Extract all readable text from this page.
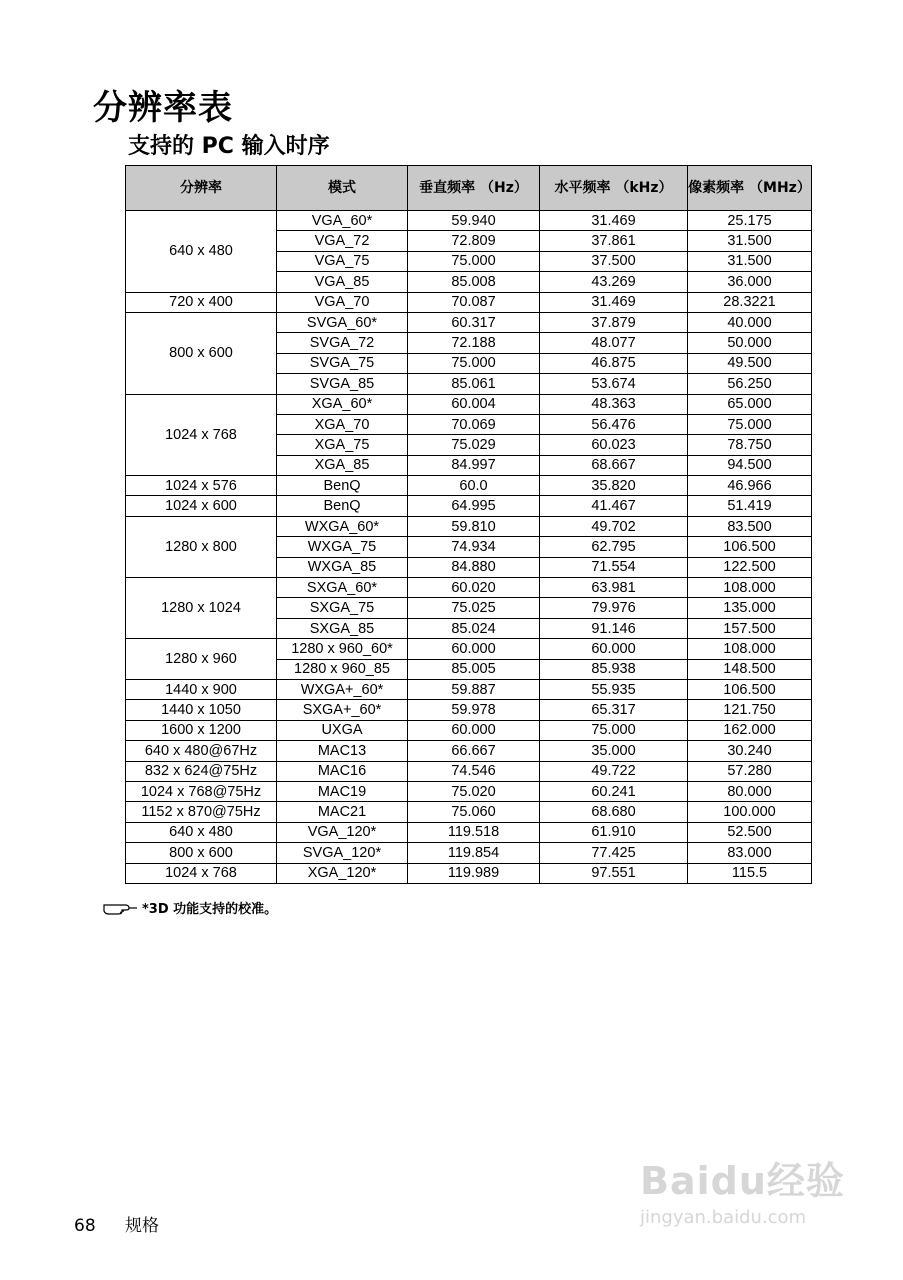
分辨率表
支持的 PC 输入时序
分辨率	模式	垂直频率 （Hz）	水平频率 （kHz）	像素频率 （MHz）
640 x 480	VGA_60*	59.940	31.469	25.175
	VGA_72	72.809	37.861	31.500
	VGA_75	75.000	37.500	31.500
	VGA_85	85.008	43.269	36.000
720 x 400	VGA_70	70.087	31.469	28.3221
800 x 600	SVGA_60*	60.317	37.879	40.000
	SVGA_72	72.188	48.077	50.000
	SVGA_75	75.000	46.875	49.500
	SVGA_85	85.061	53.674	56.250
1024 x 768	XGA_60*	60.004	48.363	65.000
	XGA_70	70.069	56.476	75.000
	XGA_75	75.029	60.023	78.750
	XGA_85	84.997	68.667	94.500
1024 x 576	BenQ	60.0	35.820	46.966
1024 x 600	BenQ	64.995	41.467	51.419
1280 x 800	WXGA_60*	59.810	49.702	83.500
	WXGA_75	74.934	62.795	106.500
	WXGA_85	84.880	71.554	122.500
1280 x 1024	SXGA_60*	60.020	63.981	108.000
	SXGA_75	75.025	79.976	135.000
	SXGA_85	85.024	91.146	157.500
1280 x 960	1280 x 960_60*	60.000	60.000	108.000
	1280 x 960_85	85.005	85.938	148.500
1440 x 900	WXGA+_60*	59.887	55.935	106.500
1440 x 1050	SXGA+_60*	59.978	65.317	121.750
1600 x 1200	UXGA	60.000	75.000	162.000
640 x 480@67Hz	MAC13	66.667	35.000	30.240
832 x 624@75Hz	MAC16	74.546	49.722	57.280
1024 x 768@75Hz	MAC19	75.020	60.241	80.000
1152 x 870@75Hz	MAC21	75.060	68.680	100.000
640 x 480	VGA_120*	119.518	61.910	52.500
800 x 600	SVGA_120*	119.854	77.425	83.000
1024 x 768	XGA_120*	119.989	97.551	115.5
*3D 功能支持的校准。
68 规格
Baidu经验
jingyan.baidu.com
